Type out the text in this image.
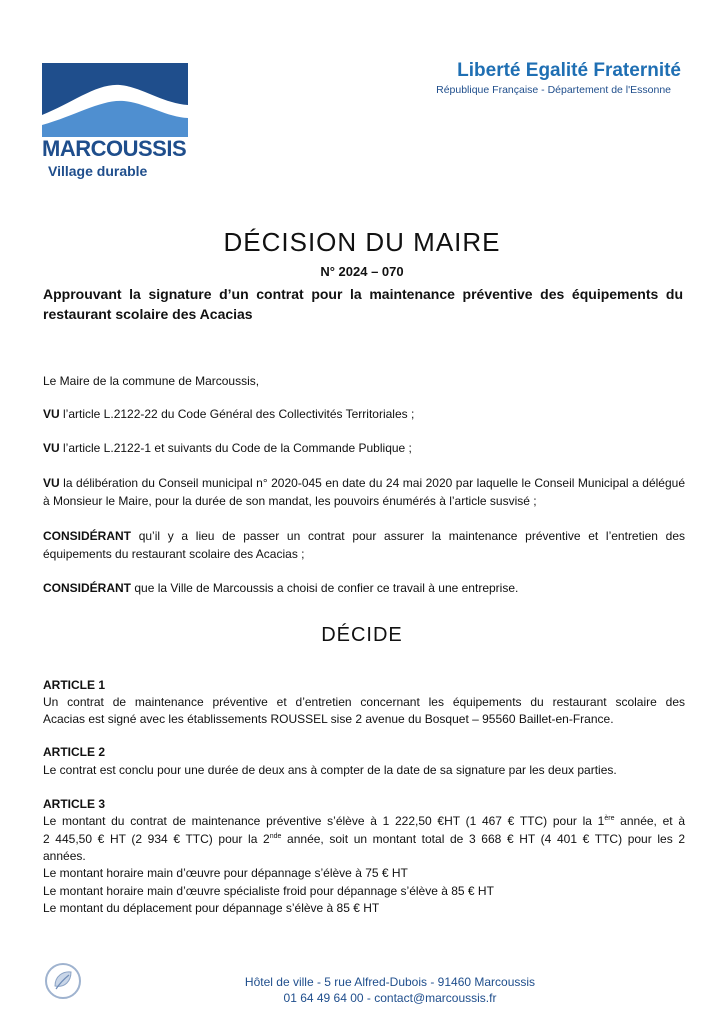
MARCOUSSIS
Village durable
Liberté Egalité Fraternité
République Française - Département de l'Essonne
DÉCISION DU MAIRE
N° 2024 – 070
Approuvant la signature d’un contrat pour la maintenance préventive des équipements du restaurant scolaire des Acacias
Le Maire de la commune de Marcoussis,
VU l’article L.2122-22 du Code Général des Collectivités Territoriales ;
VU l’article L.2122-1 et suivants du Code de la Commande Publique ;
VU la délibération du Conseil municipal n° 2020-045 en date du 24 mai 2020 par laquelle le Conseil Municipal a délégué à Monsieur le Maire, pour la durée de son mandat, les pouvoirs énumérés à l’article susvisé ;
CONSIDÉRANT qu’il y a lieu de passer un contrat pour assurer la maintenance préventive et l’entretien des équipements du restaurant scolaire des Acacias ;
CONSIDÉRANT que la Ville de Marcoussis a choisi de confier ce travail à une entreprise.
DÉCIDE
ARTICLE 1
Un contrat de maintenance préventive et d’entretien concernant les équipements du restaurant scolaire des
Acacias est signé avec les établissements ROUSSEL sise 2 avenue du Bosquet – 95560 Baillet-en-France.
ARTICLE 2
Le contrat est conclu pour une durée de deux ans à compter de la date de sa signature par les deux parties.
ARTICLE 3
Le montant du contrat de maintenance préventive s’élève à 1 222,50 €HT (1 467 € TTC) pour la 1ère année, et à
2 445,50 € HT (2 934 € TTC) pour la 2nde année, soit un montant total de 3 668 € HT (4 401 € TTC) pour les 2
années.
Le montant horaire main d’œuvre pour dépannage s’élève à 75 € HT
Le montant horaire main d’œuvre spécialiste froid pour dépannage s’élève à 85 € HT
Le montant du déplacement pour dépannage s’élève à 85 € HT
Hôtel de ville - 5 rue Alfred-Dubois - 91460 Marcoussis
01 64 49 64 00 - contact@marcoussis.fr
